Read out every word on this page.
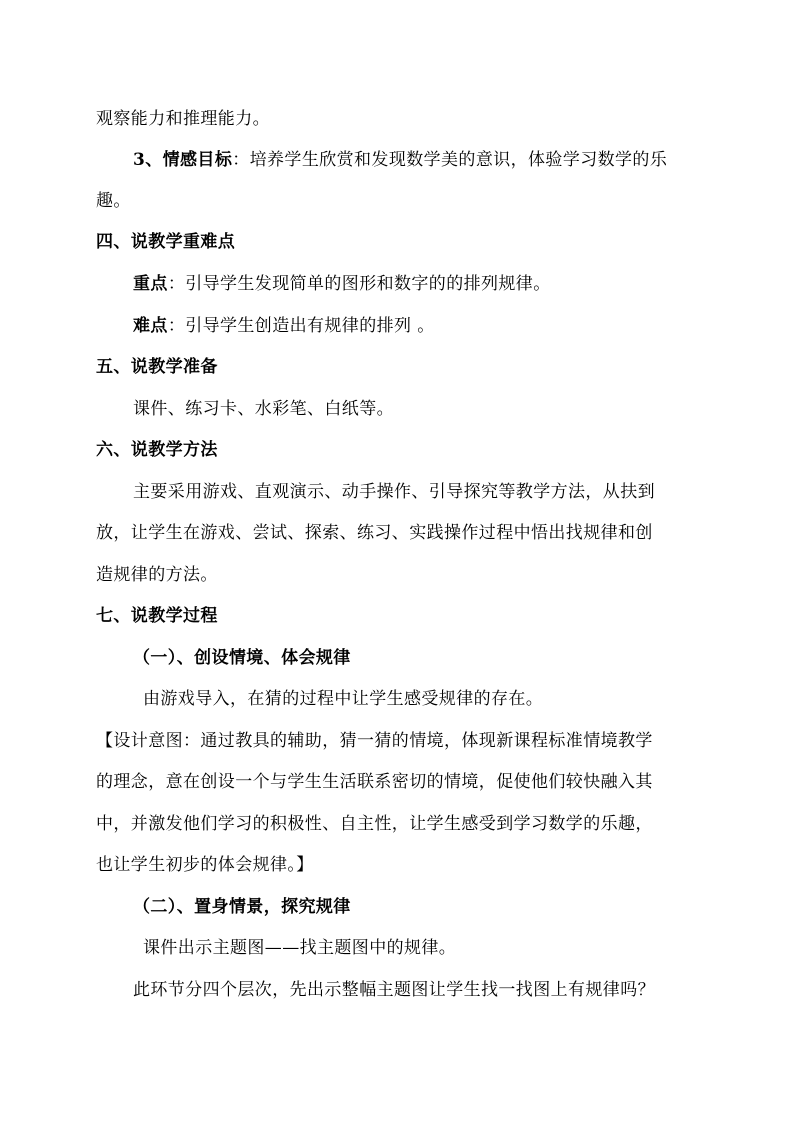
观察能力和推理能力。
3、情感目标：培养学生欣赏和发现数学美的意识，体验学习数学的乐
趣。
四、说教学重难点
重点：引导学生发现简单的图形和数字的的排列规律。
难点：引导学生创造出有规律的排列 。
五、说教学准备
课件、练习卡、水彩笔、白纸等。
六、说教学方法
主要采用游戏、直观演示、动手操作、引导探究等教学方法，从扶到
放，让学生在游戏、尝试、探索、练习、实践操作过程中悟出找规律和创
造规律的方法。
七、说教学过程
（一）、创设情境、体会规律
由游戏导入，在猜的过程中让学生感受规律的存在。
【设计意图：通过教具的辅助，猜一猜的情境，体现新课程标准情境教学
的理念，意在创设一个与学生生活联系密切的情境，促使他们较快融入其
中，并激发他们学习的积极性、自主性，让学生感受到学习数学的乐趣，
也让学生初步的体会规律。】
（二）、置身情景，探究规律
课件出示主题图——找主题图中的规律。
此环节分四个层次，先出示整幅主题图让学生找一找图上有规律吗？
